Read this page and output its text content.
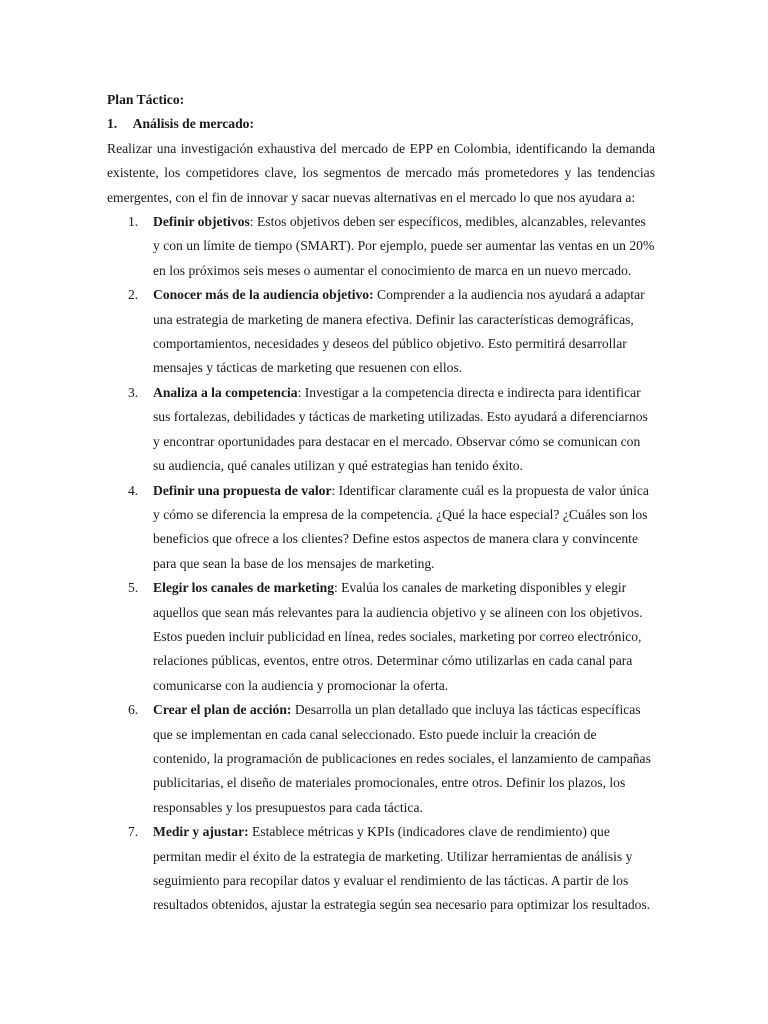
Plan Táctico:

1. Análisis de mercado:

Realizar una investigación exhaustiva del mercado de EPP en Colombia, identificando la demanda existente, los competidores clave, los segmentos de mercado más prometedores y las tendencias emergentes, con el fin de innovar y sacar nuevas alternativas en el mercado lo que nos ayudara a:

1. Definir objetivos: Estos objetivos deben ser específicos, medibles, alcanzables, relevantes y con un límite de tiempo (SMART). Por ejemplo, puede ser aumentar las ventas en un 20% en los próximos seis meses o aumentar el conocimiento de marca en un nuevo mercado.
2. Conocer más de la audiencia objetivo: Comprender a la audiencia nos ayudará a adaptar una estrategia de marketing de manera efectiva. Definir las características demográficas, comportamientos, necesidades y deseos del público objetivo. Esto permitirá desarrollar mensajes y tácticas de marketing que resuenen con ellos.
3. Analiza a la competencia: Investigar a la competencia directa e indirecta para identificar sus fortalezas, debilidades y tácticas de marketing utilizadas. Esto ayudará a diferenciarnos y encontrar oportunidades para destacar en el mercado. Observar cómo se comunican con su audiencia, qué canales utilizan y qué estrategias han tenido éxito.
4. Definir una propuesta de valor: Identificar claramente cuál es la propuesta de valor única y cómo se diferencia la empresa de la competencia. ¿Qué la hace especial? ¿Cuáles son los beneficios que ofrece a los clientes? Define estos aspectos de manera clara y convincente para que sean la base de los mensajes de marketing.
5. Elegir los canales de marketing: Evalúa los canales de marketing disponibles y elegir aquellos que sean más relevantes para la audiencia objetivo y se alineen con los objetivos. Estos pueden incluir publicidad en línea, redes sociales, marketing por correo electrónico, relaciones públicas, eventos, entre otros. Determinar cómo utilizarlas en cada canal para comunicarse con la audiencia y promocionar la oferta.
6. Crear el plan de acción: Desarrolla un plan detallado que incluya las tácticas específicas que se implementan en cada canal seleccionado. Esto puede incluir la creación de contenido, la programación de publicaciones en redes sociales, el lanzamiento de campañas publicitarias, el diseño de materiales promocionales, entre otros. Definir los plazos, los responsables y los presupuestos para cada táctica.
7. Medir y ajustar: Establece métricas y KPIs (indicadores clave de rendimiento) que permitan medir el éxito de la estrategia de marketing. Utilizar herramientas de análisis y seguimiento para recopilar datos y evaluar el rendimiento de las tácticas. A partir de los resultados obtenidos, ajustar la estrategia según sea necesario para optimizar los resultados.
